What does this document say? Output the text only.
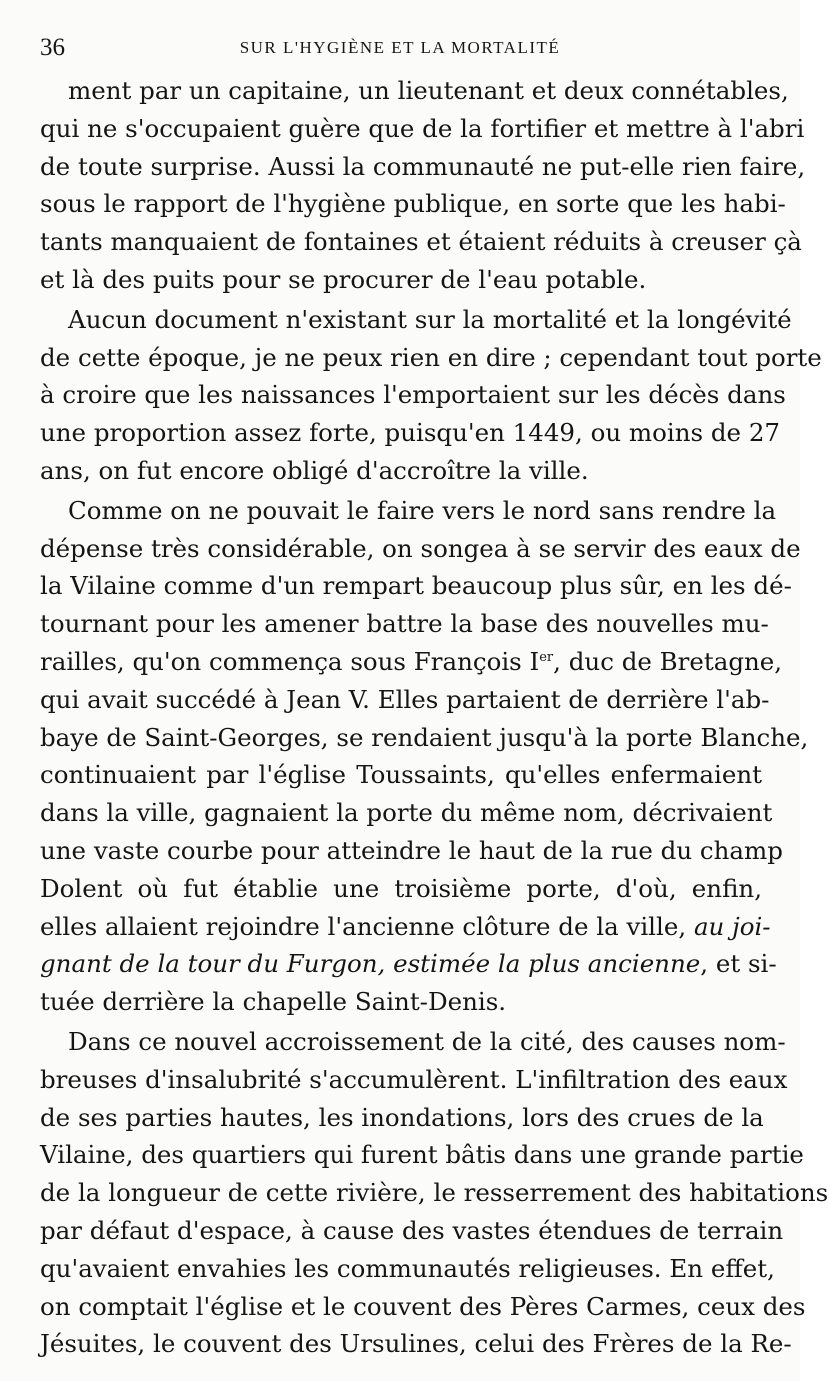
36	SUR L'HYGIÈNE ET LA MORTALITÉ
ment par un capitaine, un lieutenant et deux connétables,
qui ne s'occupaient guère que de la fortifier et mettre à l'abri
de toute surprise. Aussi la communauté ne put-elle rien faire,
sous le rapport de l'hygiène publique, en sorte que les habi-
tants manquaient de fontaines et étaient réduits à creuser çà
et là des puits pour se procurer de l'eau potable.
Aucun document n'existant sur la mortalité et la longévité
de cette époque, je ne peux rien en dire ; cependant tout porte
à croire que les naissances l'emportaient sur les décès dans
une proportion assez forte, puisqu'en 1449, ou moins de 27
ans, on fut encore obligé d'accroître la ville.
Comme on ne pouvait le faire vers le nord sans rendre la
dépense très considérable, on songea à se servir des eaux de
la Vilaine comme d'un rempart beaucoup plus sûr, en les dé-
tournant pour les amener battre la base des nouvelles mu-
railles, qu'on commença sous François Ier, duc de Bretagne,
qui avait succédé à Jean V. Elles partaient de derrière l'ab-
baye de Saint-Georges, se rendaient jusqu'à la porte Blanche,
continuaient par l'église Toussaints, qu'elles enfermaient
dans la ville, gagnaient la porte du même nom, décrivaient
une vaste courbe pour atteindre le haut de la rue du champ
Dolent où fut établie une troisième porte, d'où, enfin,
elles allaient rejoindre l'ancienne clôture de la ville, au joi-
gnant de la tour du Furgon, estimée la plus ancienne, et si-
tuée derrière la chapelle Saint-Denis.
Dans ce nouvel accroissement de la cité, des causes nom-
breuses d'insalubrité s'accumulèrent. L'infiltration des eaux
de ses parties hautes, les inondations, lors des crues de la
Vilaine, des quartiers qui furent bâtis dans une grande partie
de la longueur de cette rivière, le resserrement des habitations
par défaut d'espace, à cause des vastes étendues de terrain
qu'avaient envahies les communautés religieuses. En effet,
on comptait l'église et le couvent des Pères Carmes, ceux des
Jésuites, le couvent des Ursulines, celui des Frères de la Re-
